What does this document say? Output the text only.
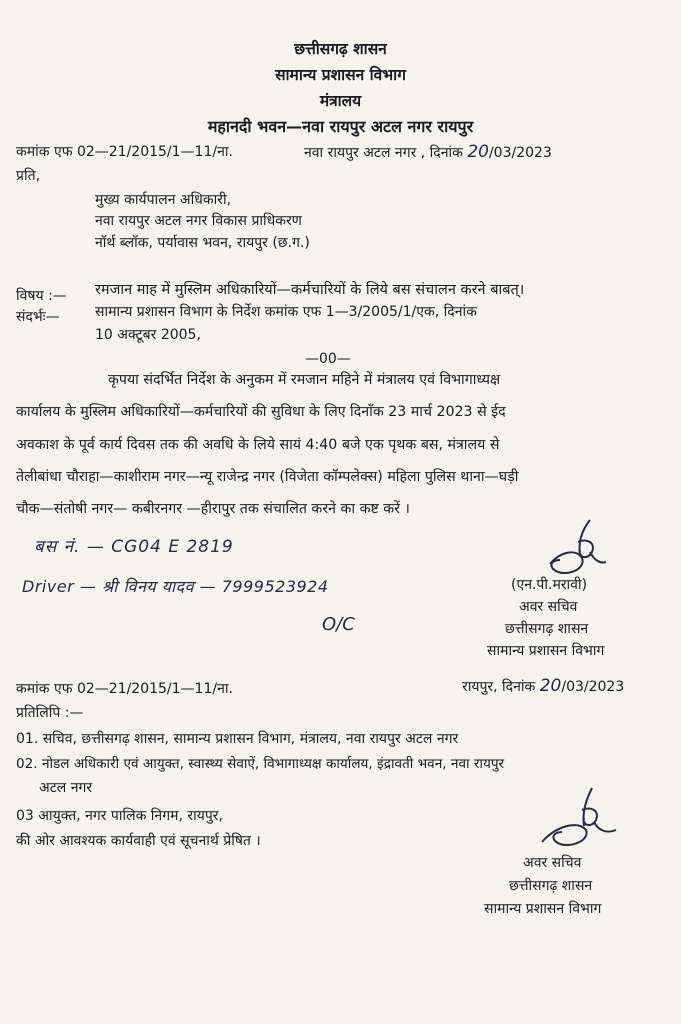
छत्तीसगढ़ शासन
सामान्य प्रशासन विभाग
मंत्रालय
महानदी भवन—नवा रायपुर अटल नगर रायपुर
कमांक एफ 02—21/2015/1—11/ना.	नवा रायपुर अटल नगर , दिनांक 20/03/2023
प्रति,
मुख्य कार्यपालन अधिकारी,
नवा रायपुर अटल नगर विकास प्राधिकरण
नॉर्थ ब्लॉक, पर्यावास भवन, रायपुर (छ.ग.)
विषय :— रमजान माह में मुस्लिम अधिकारियों—कर्मचारियों के लिये बस संचालन करने बाबत्।
संदर्भः—	सामान्य प्रशासन विभाग के निर्देश कमांक एफ 1—3/2005/1/एक, दिनांक
10 अक्टूबर 2005,
—00—
कृपया संदर्भित निर्देश के अनुकम में रमजान महिने में मंत्रालय एवं विभागाध्यक्ष
कार्यालय के मुस्लिम अधिकारियों—कर्मचारियों की सुविधा के लिए दिनाँक 23 मार्च 2023 से ईद
अवकाश के पूर्व कार्य दिवस तक की अवधि के लिये सायं 4:40 बजे एक पृथक बस, मंत्रालय से
तेलीबांधा चौराहा—काशीराम नगर—न्यू राजेन्द्र नगर (विजेता कॉम्पलेक्स) महिला पुलिस थाना—घड़ी
चौक—संतोषी नगर— कबीरनगर —हीरापुर तक संचालित करने का कष्ट करें ।
बस नं. — CG04 E 2819
Driver — श्री विनय यादव — 7999523924
O/C
(एन.पी.मरावी)
अवर सचिव
छत्तीसगढ़ शासन
सामान्य प्रशासन विभाग
कमांक एफ 02—21/2015/1—11/ना.	रायपुर, दिनांक 20/03/2023
प्रतिलिपि :—
01. सचिव, छत्तीसगढ़ शासन, सामान्य प्रशासन विभाग, मंत्रालय, नवा रायपुर अटल नगर
02. नोडल अधिकारी एवं आयुक्त, स्वास्थ्य सेवाऐं, विभागाध्यक्ष कार्यालय, इंद्रावती भवन, नवा रायपुर
अटल नगर
03 आयुक्त, नगर पालिक निगम, रायपुर,
की ओर आवश्यक कार्यवाही एवं सूचनार्थ प्रेषित ।
अवर सचिव
छत्तीसगढ़ शासन
सामान्य प्रशासन विभाग
